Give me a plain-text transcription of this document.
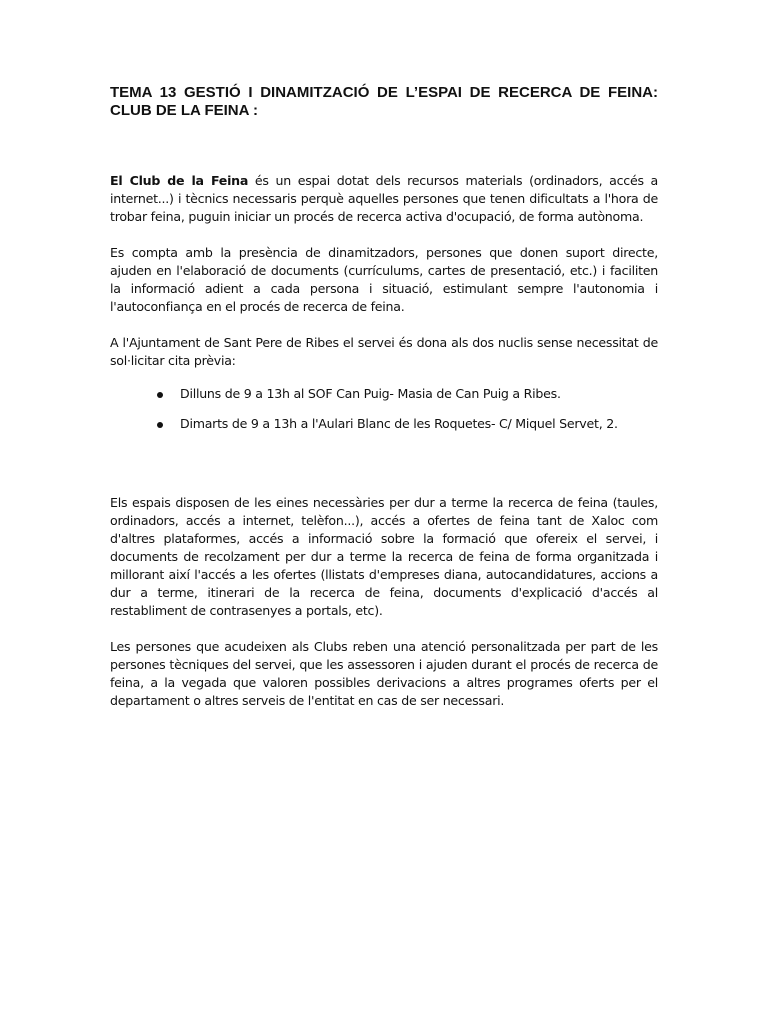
TEMA 13 GESTIÓ I DINAMITZACIÓ DE L’ESPAI DE RECERCA DE FEINA:
CLUB DE LA FEINA :

El Club de la Feina és un espai dotat dels recursos materials (ordinadors, accés a internet...) i tècnics necessaris perquè aquelles persones que tenen dificultats a l'hora de trobar feina, puguin iniciar un procés de recerca activa d'ocupació, de forma autònoma.

Es compta amb la presència de dinamitzadors, persones que donen suport directe, ajuden en l'elaboració de documents (currículums, cartes de presentació, etc.) i faciliten la informació adient a cada persona i situació, estimulant sempre l'autonomia i l'autoconfiança en el procés de recerca de feina.

A l'Ajuntament de Sant Pere de Ribes el servei és dona als dos nuclis sense necessitat de sol·licitar cita prèvia:

Dilluns de 9 a 13h al SOF Can Puig- Masia de Can Puig a Ribes.
Dimarts de 9 a 13h a l'Aulari Blanc de les Roquetes- C/ Miquel Servet, 2.

Els espais disposen de les eines necessàries per dur a terme la recerca de feina (taules, ordinadors, accés a internet, telèfon...), accés a ofertes de feina tant de Xaloc com d'altres plataformes, accés a informació sobre la formació que ofereix el servei, i documents de recolzament per dur a terme la recerca de feina de forma organitzada i millorant així l'accés a les ofertes (llistats d'empreses diana, autocandidatures, accions a dur a terme, itinerari de la recerca de feina, documents d'explicació d'accés al restabliment de contrasenyes a portals, etc).

Les persones que acudeixen als Clubs reben una atenció personalitzada per part de les persones tècniques del servei, que les assessoren i ajuden durant el procés de recerca de feina, a la vegada que valoren possibles derivacions a altres programes oferts per el departament o altres serveis de l'entitat en cas de ser necessari.
